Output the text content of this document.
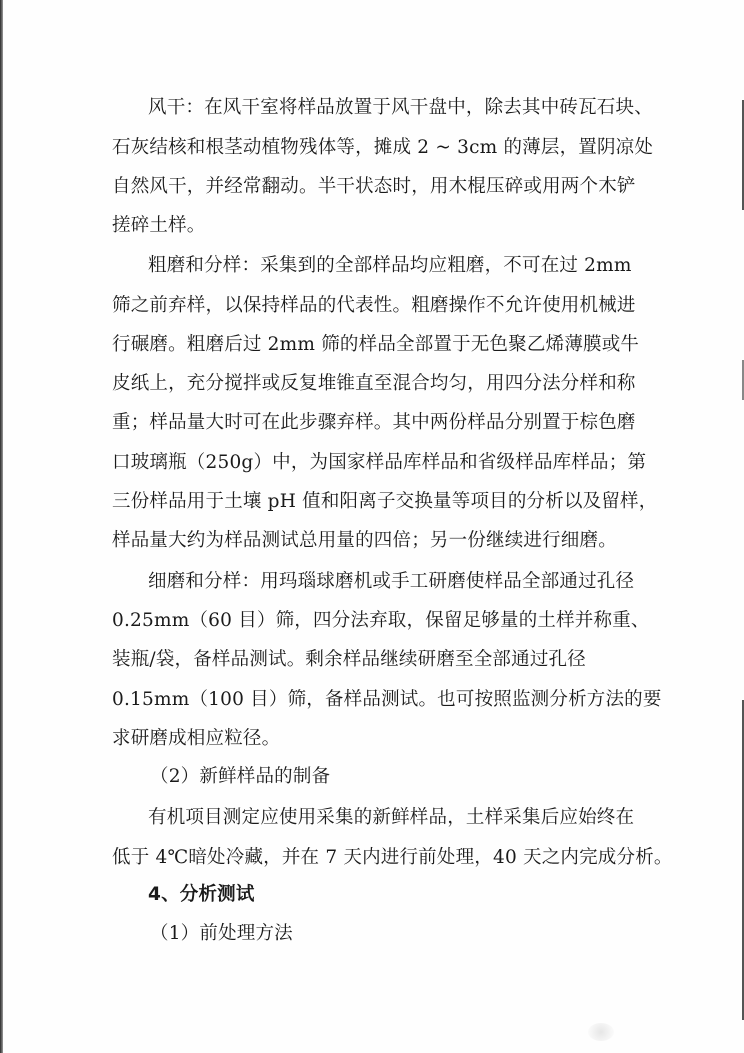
风干：在风干室将样品放置于风干盘中，除去其中砖瓦石块、
石灰结核和根茎动植物残体等，摊成 2 ~ 3cm 的薄层，置阴凉处
自然风干，并经常翻动。半干状态时，用木棍压碎或用两个木铲
搓碎土样。
粗磨和分样：采集到的全部样品均应粗磨，不可在过 2mm
筛之前弃样，以保持样品的代表性。粗磨操作不允许使用机械进
行碾磨。粗磨后过 2mm 筛的样品全部置于无色聚乙烯薄膜或牛
皮纸上，充分搅拌或反复堆锥直至混合均匀，用四分法分样和称
重；样品量大时可在此步骤弃样。其中两份样品分别置于棕色磨
口玻璃瓶（250g）中，为国家样品库样品和省级样品库样品；第
三份样品用于土壤 pH 值和阳离子交换量等项目的分析以及留样，
样品量大约为样品测试总用量的四倍；另一份继续进行细磨。
细磨和分样：用玛瑙球磨机或手工研磨使样品全部通过孔径
0.25mm（60 目）筛，四分法弃取，保留足够量的土样并称重、
装瓶/袋，备样品测试。剩余样品继续研磨至全部通过孔径
0.15mm（100 目）筛，备样品测试。也可按照监测分析方法的要
求研磨成相应粒径。
（2）新鲜样品的制备
有机项目测定应使用采集的新鲜样品，土样采集后应始终在
低于 4℃暗处冷藏，并在 7 天内进行前处理，40 天之内完成分析。
4、分析测试
（1）前处理方法
